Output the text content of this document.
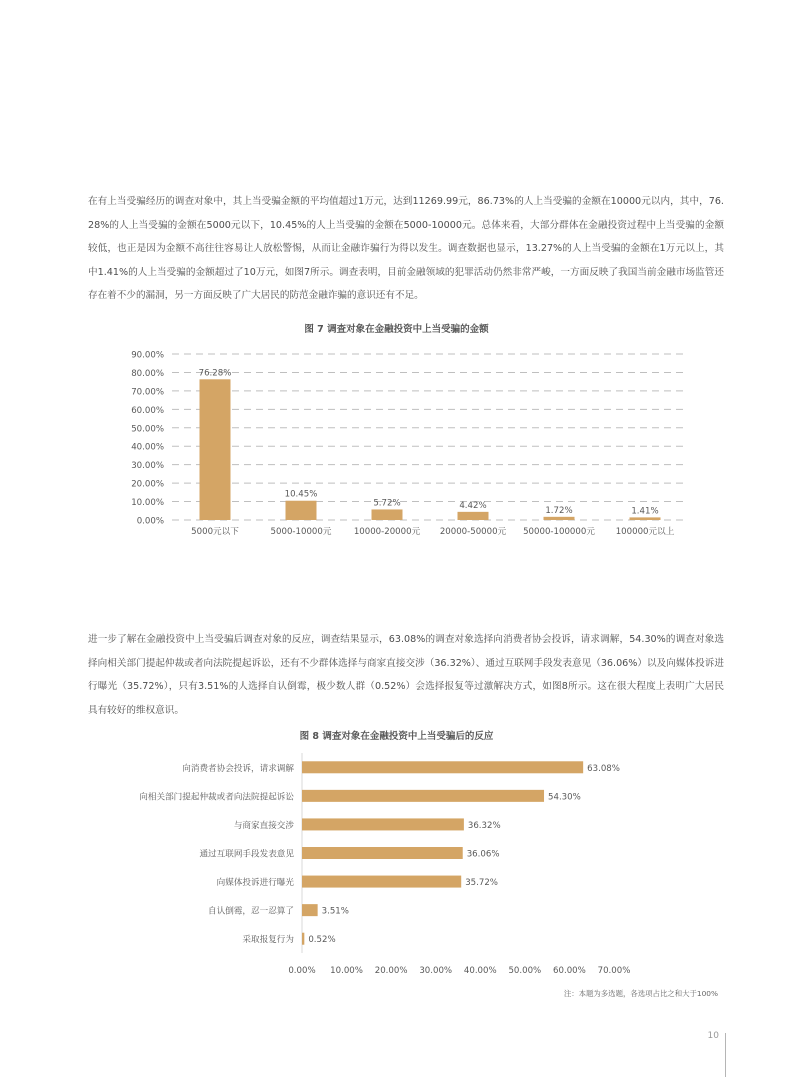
在有上当受骗经历的调查对象中，其上当受骗金额的平均值超过1万元，达到11269.99元，86.73%的人上当受骗的金额在10000元以内，其中，76.28%的人上当受骗的金额在5000元以下，10.45%的人上当受骗的金额在5000-10000元。总体来看，大部分群体在金融投资过程中上当受骗的金额较低，也正是因为金额不高往往容易让人放松警惕，从而让金融诈骗行为得以发生。调查数据也显示，13.27%的人上当受骗的金额在1万元以上，其中1.41%的人上当受骗的金额超过了10万元，如图7所示。调查表明，目前金融领域的犯罪活动仍然非常严峻，一方面反映了我国当前金融市场监管还存在着不少的漏洞，另一方面反映了广大居民的防范金融诈骗的意识还有不足。

图 7 调查对象在金融投资中上当受骗的金额

0.00%
10.00%
20.00%
30.00%
40.00%
50.00%
60.00%
70.00%
80.00%
90.00%
76.28%
5000元以下
10.45%
5000-10000元
5.72%
10000-20000元
4.42%
20000-50000元
1.72%
50000-100000元
1.41%
100000元以上

进一步了解在金融投资中上当受骗后调查对象的反应，调查结果显示，63.08%的调查对象选择向消费者协会投诉，请求调解，54.30%的调查对象选择向相关部门提起仲裁或者向法院提起诉讼，还有不少群体选择与商家直接交涉（36.32%）、通过互联网手段发表意见（36.06%）以及向媒体投诉进行曝光（35.72%），只有3.51%的人选择自认倒霉，极少数人群（0.52%）会选择报复等过激解决方式，如图8所示。这在很大程度上表明广大居民具有较好的维权意识。

图 8 调查对象在金融投资中上当受骗后的反应

0.00% 10.00% 20.00% 30.00% 40.00% 50.00% 60.00% 70.00%
63.08%
向消费者协会投诉，请求调解
54.30%
向相关部门提起仲裁或者向法院提起诉讼
36.32%
与商家直接交涉
36.06%
通过互联网手段发表意见
35.72%
向媒体投诉进行曝光
3.51%
自认倒霉，忍一忍算了
0.52%
采取报复行为

注：本题为多选题，各选项占比之和大于100%

10
